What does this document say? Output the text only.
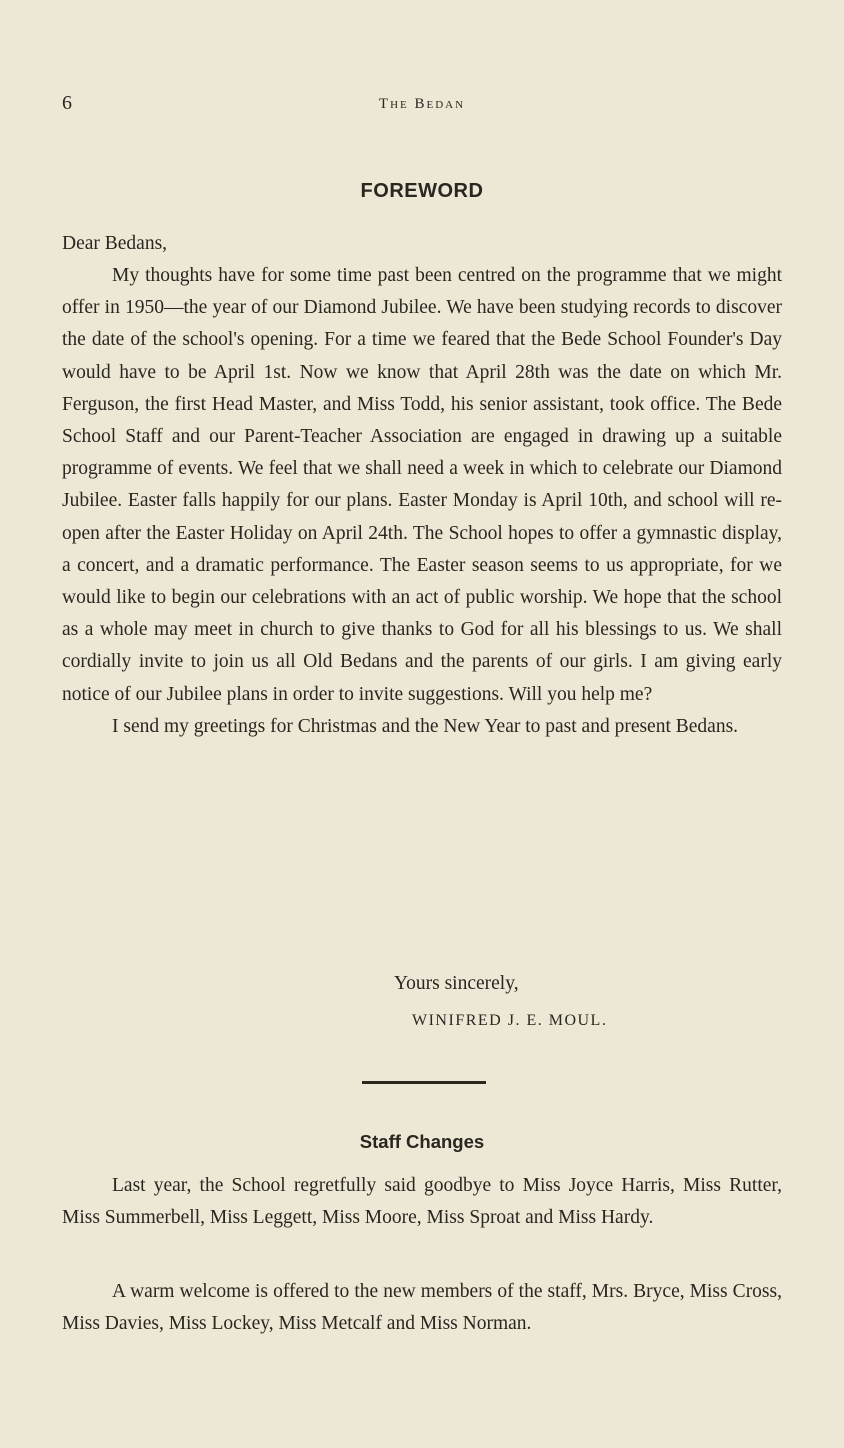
6	The Bedan
FOREWORD
Dear Bedans,

My thoughts have for some time past been centred on the programme that we might offer in 1950—the year of our Diamond Jubilee. We have been studying records to discover the date of the school's opening. For a time we feared that the Bede School Founder's Day would have to be April 1st. Now we know that April 28th was the date on which Mr. Ferguson, the first Head Master, and Miss Todd, his senior assistant, took office. The Bede School Staff and our Parent-Teacher Association are engaged in drawing up a suitable programme of events. We feel that we shall need a week in which to celebrate our Diamond Jubilee. Easter falls happily for our plans. Easter Monday is April 10th, and school will re-open after the Easter Holiday on April 24th. The School hopes to offer a gymnastic display, a concert, and a dramatic performance. The Easter season seems to us appropriate, for we would like to begin our celebrations with an act of public worship. We hope that the school as a whole may meet in church to give thanks to God for all his blessings to us. We shall cordially invite to join us all Old Bedans and the parents of our girls. I am giving early notice of our Jubilee plans in order to invite suggestions. Will you help me?

I send my greetings for Christmas and the New Year to past and present Bedans.

Yours sincerely,
WINIFRED J. E. MOUL.
Staff Changes

Last year, the School regretfully said goodbye to Miss Joyce Harris, Miss Rutter, Miss Summerbell, Miss Leggett, Miss Moore, Miss Sproat and Miss Hardy.

A warm welcome is offered to the new members of the staff, Mrs. Bryce, Miss Cross, Miss Davies, Miss Lockey, Miss Metcalf and Miss Norman.
